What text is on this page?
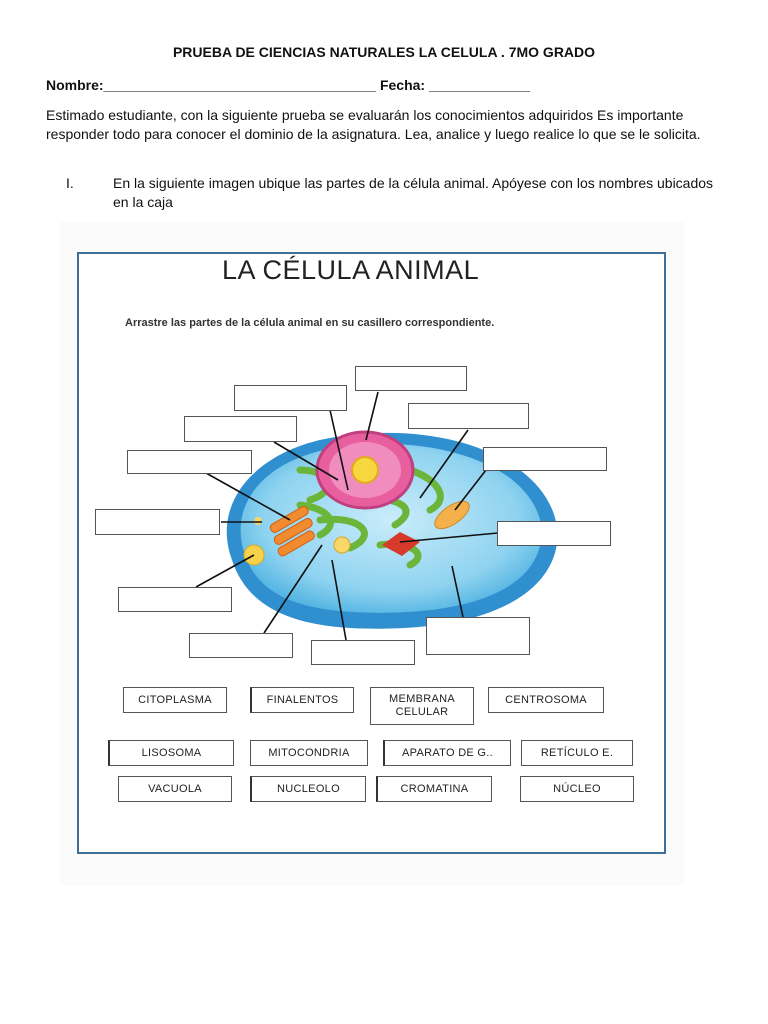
PRUEBA DE CIENCIAS NATURALES LA CELULA . 7MO GRADO
Nombre:___________________________________ Fecha: _____________
Estimado estudiante, con la siguiente prueba se evaluarán los conocimientos adquiridos Es importante responder todo para conocer el dominio de la asignatura. Lea, analice y luego realice lo que se le solicita.
I.	En la siguiente imagen ubique las partes de la célula animal. Apóyese con los nombres ubicados en la caja
LA CÉLULA ANIMAL
Arrastre las partes de la célula animal en su casillero correspondiente.
CITOPLASMA	FINALENTOS	MEMBRANA
CELULAR
CENTROSOMA
LISOSOMA	MITOCONDRIA	APARATO DE G..	RETÍCULO E.
VACUOLA	NUCLEOLO	CROMATINA	NÚCLEO
